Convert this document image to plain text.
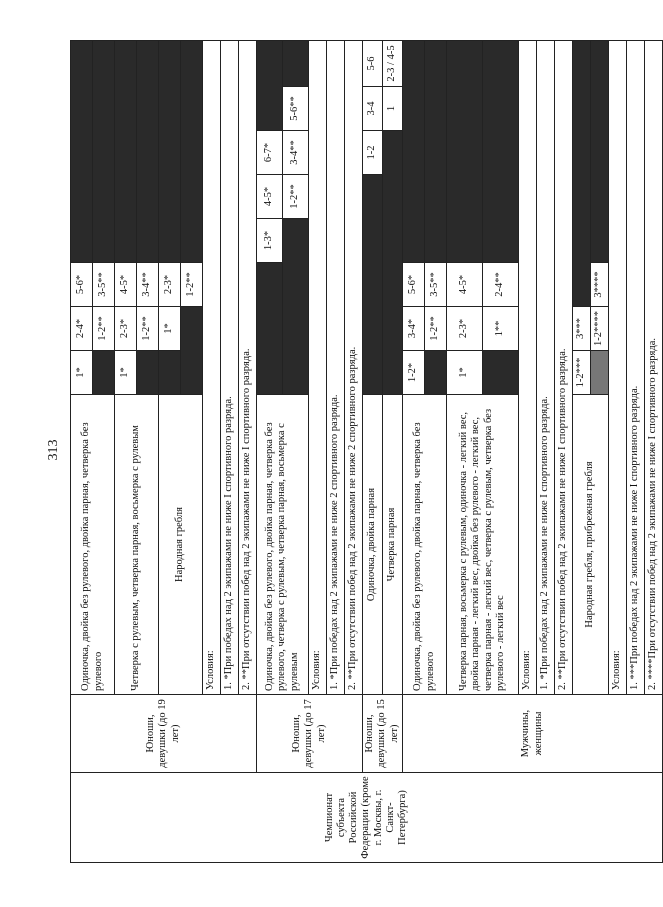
313
Чемпионат субъекта Российской Федерации (кроме г. Москвы, г. Санкт-Петербурга)	Юноши, девушки (до 19 лет)	Одиночка, двойка без рулевого, двойка парная, четверка без рулевого	1*	2-4*	5-6*					
				1-2**	3-5**					
		Четверка с рулевым, четверка парная, восьмерка с рулевым	1*	2-3*	4-5*					
				1-2**	3-4**					
		Народная гребля		1*	2-3*					
					1-2**					
		Условия:								
		1. *При победах над 2 экипажами не ниже I спортивного разряда.								
		2. **При отсутствии побед над 2 экипажами не ниже I спортивного разряда.								
	Юноши, девушки (до 17 лет)	Одиночка, двойка без рулевого, двойка парная, четверка без рулевого, четверка с рулевым, четверка парная, восьмерка с рулевым				1-3*	4-5*	6-7*		
							1-2**	3-4**	5-6**	
		Условия:								
		1. *При победах над 2 экипажами не ниже 2 спортивного разряда.								
		2. **При отсутствии побед над 2 экипажами не ниже 2 спортивного разряда.								
	Юноши, девушки (до 15 лет)	Одиночка, двойка парная						1-2	3-4	5-6
		Четверка парная							1	2-3 / 4-5
	Мужчины, женщины	Одиночка, двойка без рулевого, двойка парная, четверка без рулевого	1-2*	3-4*	5-6*					
				1-2**	3-5**					
		Четверка парная, восьмерка с рулевым, одиночка - легкий вес, двойка парная - легкий вес, двойка без рулевого - легкий вес, четверка парная - легкий вес, четверка с рулевым, четверка без рулевого - легкий вес	1*	2-3*	4-5*					
				1**	2-4**					
		Условия:								
		1. *При победах над 2 экипажами не ниже I спортивного разряда.								
		2. **При отсутствии побед над 2 экипажами не ниже I спортивного разряда.								
		Народная гребля, прибрежная гребля	1-2***	3***						
				1-2****	3****					
		Условия:								
		1. ***При победах над 2 экипажами не ниже I спортивного разряда.								
		2. ****При отсутствии побед над 2 экипажами не ниже I спортивного разряда.								
